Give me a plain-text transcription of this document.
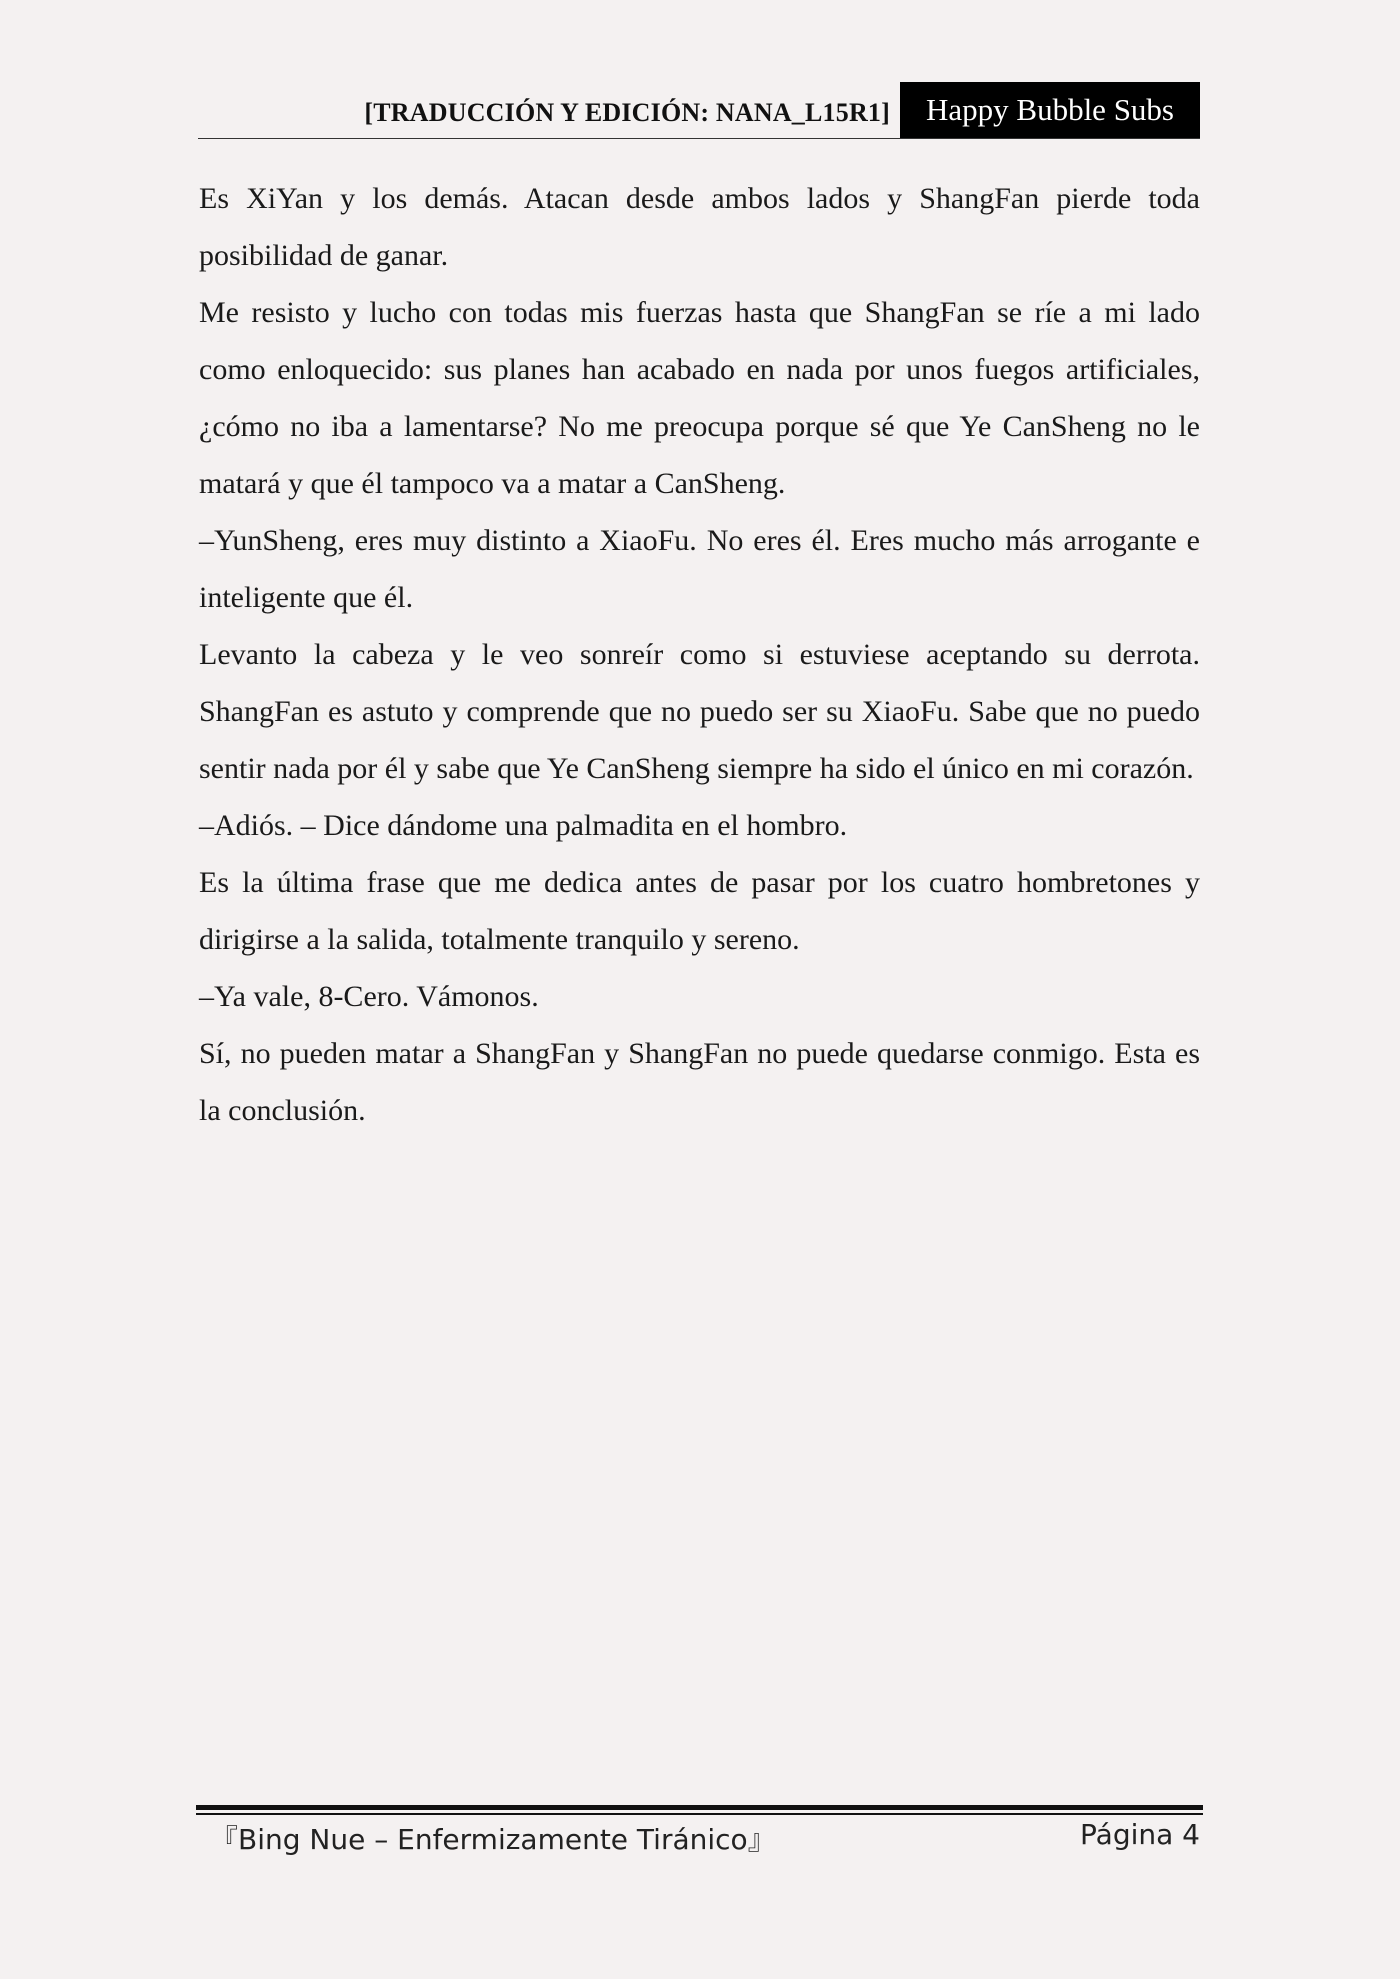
[TRADUCCIÓN Y EDICIÓN: NANA_L15R1]	Happy Bubble Subs

Es XiYan y los demás. Atacan desde ambos lados y ShangFan pierde toda posibilidad de ganar.

Me resisto y lucho con todas mis fuerzas hasta que ShangFan se ríe a mi lado como enloquecido: sus planes han acabado en nada por unos fuegos artificiales, ¿cómo no iba a lamentarse? No me preocupa porque sé que Ye CanSheng no le matará y que él tampoco va a matar a CanSheng.

–YunSheng, eres muy distinto a XiaoFu. No eres él. Eres mucho más arrogante e inteligente que él.

Levanto la cabeza y le veo sonreír como si estuviese aceptando su derrota. ShangFan es astuto y comprende que no puedo ser su XiaoFu. Sabe que no puedo sentir nada por él y sabe que Ye CanSheng siempre ha sido el único en mi corazón.

–Adiós. – Dice dándome una palmadita en el hombro.

Es la última frase que me dedica antes de pasar por los cuatro hombretones y dirigirse a la salida, totalmente tranquilo y sereno.

–Ya vale, 8-Cero. Vámonos.

Sí, no pueden matar a ShangFan y ShangFan no puede quedarse conmigo. Esta es la conclusión.

『Bing Nue – Enfermizamente Tiránico』	Página 4
